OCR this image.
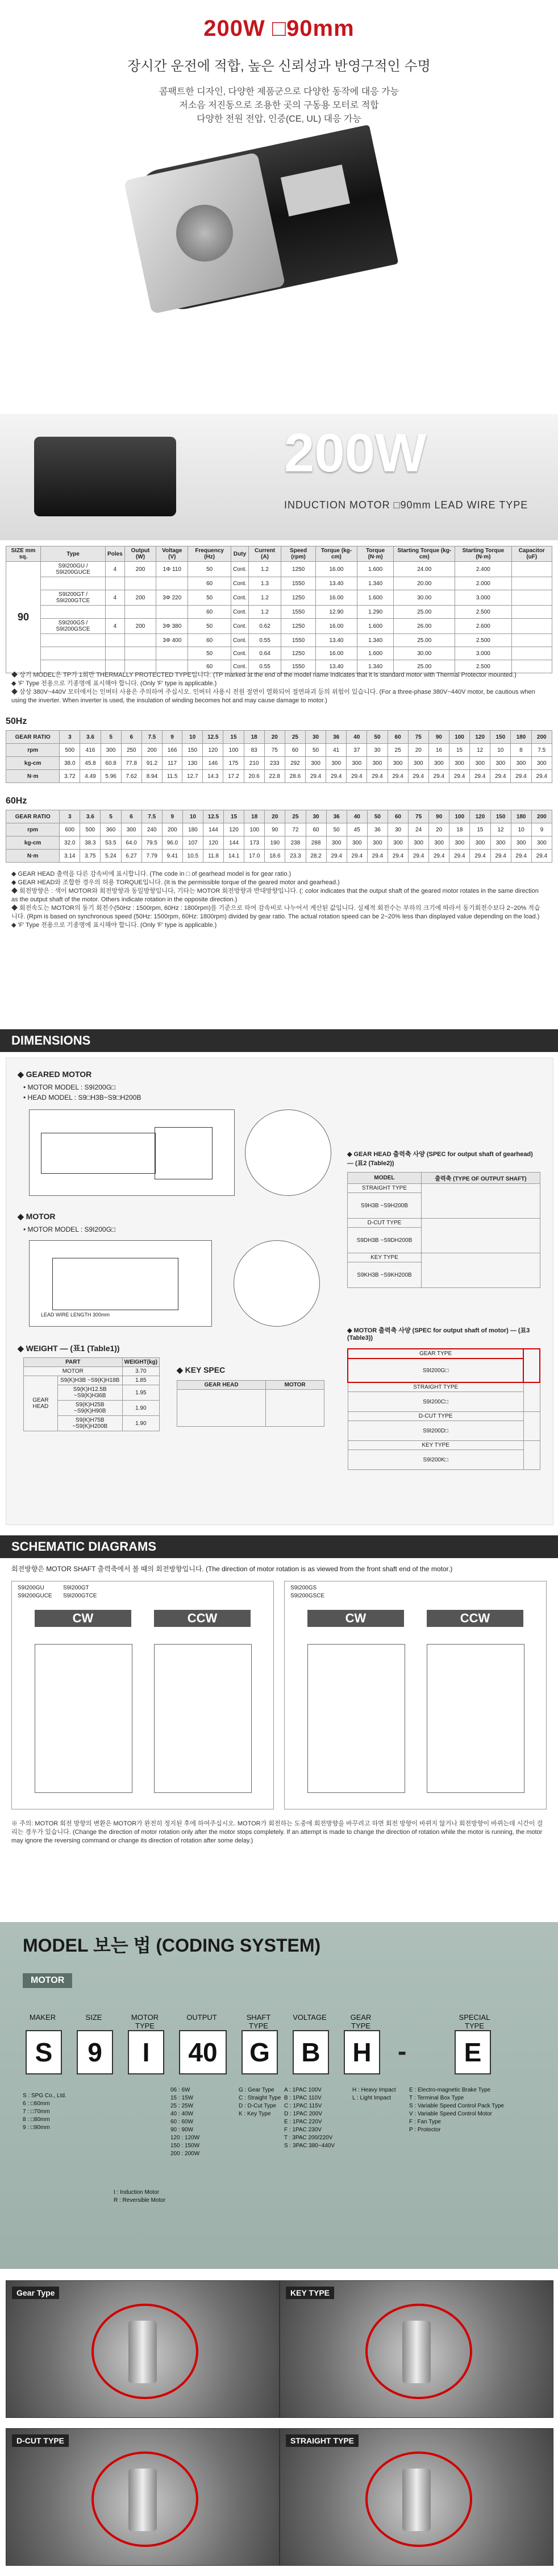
200W □90mm
장시간 운전에 적합, 높은 신뢰성과 반영구적인 수명
콤팩트한 디자인, 다양한 제품군으로 다양한 동작에 대응 가능
저소음 저진동으로 조용한 곳의 구동용 모터로 적합
다양한 전원 전압, 인증(CE, UL) 대응 가능
200W
INDUCTION MOTOR □90mm LEAD WIRE TYPE
SIZE mm sq.	Type	Poles	Output (W)	Voltage (V)	Frequency (Hz)	Duty	Current (A)	Speed (rpm)	Torque (kg-cm)	Torque (N·m)	Starting Torque (kg-cm)	Starting Torque (N·m)	Capacitor (uF)
90	S9I200GU / S9I200GUCE	4	200	1Φ 110	50	Cont.	1.2	1250	16.00	1.600	24.00	2.400	
					60	Cont.	1.3	1550	13.40	1.340	20.00	2.000	
	S9I200GT / S9I200GTCE	4	200	3Φ 220	50	Cont.	1.2	1250	16.00	1.600	30.00	3.000	
					60	Cont.	1.2	1550	12.90	1.290	25.00	2.500	
	S9I200GS / S9I200GSCE	4	200	3Φ 380	50	Cont.	0.62	1250	16.00	1.600	26.00	2.600	
				3Φ 400	60	Cont.	0.55	1550	13.40	1.340	25.00	2.500	
					50	Cont.	0.64	1250	16.00	1.600	30.00	3.000	
					60	Cont.	0.55	1550	13.40	1.340	25.00	2.500	
◆ 상기 MODEL은 TP가 1회만 THERMALLY PROTECTED TYPE입니다. (TP marked at the end of the model name indicates that it is standard motor with Thermal Protector mounted.)
◆ 'F' Type 전용으로 기종명에 표시해야 합니다. (Only 'F' type is applicable.)
◆ 삼상 380V~440V 모터에서는 인버터 사용은 주의하여 주십시오. 인버터 사용시 전원 절연이 열화되어 절연파괴 등의 위험이 있습니다. (For a three-phase 380V~440V motor, be cautious when using the inverter. When inverter is used, the insulation of winding becomes hot and may cause damage to motor.)
50Hz
GEAR RATIO	3	3.6	5	6	7.5	9	10	12.5	15	18	20	25	30	36	40	50	60	75	90	100	120	150	180	200
rpm	500	416	300	250	200	166	150	120	100	83	75	60	50	41	37	30	25	20	16	15	12	10	8	7.5
kg-cm	38.0	45.8	60.8	77.8	91.2	117	130	146	175	210	233	292	300	300	300	300	300	300	300	300	300	300	300	300
N·m	3.72	4.49	5.96	7.62	8.94	11.5	12.7	14.3	17.2	20.6	22.8	28.6	29.4	29.4	29.4	29.4	29.4	29.4	29.4	29.4	29.4	29.4	29.4	29.4
60Hz
GEAR RATIO	3	3.6	5	6	7.5	9	10	12.5	15	18	20	25	30	36	40	50	60	75	90	100	120	150	180	200
rpm	600	500	360	300	240	200	180	144	120	100	90	72	60	50	45	36	30	24	20	18	15	12	10	9
kg-cm	32.0	38.3	53.5	64.0	79.5	96.0	107	120	144	173	190	238	288	300	300	300	300	300	300	300	300	300	300	300
N·m	3.14	3.75	5.24	6.27	7.79	9.41	10.5	11.8	14.1	17.0	18.6	23.3	28.2	29.4	29.4	29.4	29.4	29.4	29.4	29.4	29.4	29.4	29.4	29.4
◆ GEAR HEAD 출력을 다른 감속비에 표시합니다. (The code in □ of gearhead model is for gear ratio.)
◆ GEAR HEAD와 조합한 경우의 허용 TORQUE입니다. (It is the permissible torque of the geared motor and gearhead.)
◆ 회전방향은 : 색이 MOTOR와 회전방향과 동일방향입니다, 기타는 MOTOR 회전방향과 반대방향입니다. (: color indicates that the output shaft of the geared motor rotates in the same direction as the output shaft of the motor. Others indicate rotation in the opposite direction.)
◆ 회전속도는 MOTOR의 동기 회전수(50Hz : 1500rpm, 60Hz : 1800rpm)를 기준으로 하여 감속비로 나누어서 계산된 값입니다. 실제적 회전수는 부하의 크기에 따라서 동기회전수보다 2~20% 적습니다. (Rpm is based on synchronous speed (50Hz: 1500rpm, 60Hz: 1800rpm) divided by gear ratio. The actual rotation speed can be 2~20% less than displayed value depending on the load.)
◆ 'F' Type 전용으로 기종명에 표시해야 합니다. (Only 'F' type is applicable.)
DIMENSIONS
◆ GEARED MOTOR
• MOTOR MODEL : S9I200G□
• HEAD MODEL : S9□H3B~S9□H200B
◆ MOTOR
• MOTOR MODEL : S9I200G□
LEAD WIRE LENGTH 300mm
◆ GEAR HEAD 출력축 사양 (SPEC for output shaft of gearhead) — (표2 (Table2))
MODEL	출력축 (TYPE OF OUTPUT SHAFT)
STRAIGHT TYPE	
S9H3B ~S9H200B	
D-CUT TYPE	
S9DH3B ~S9DH200B	
KEY TYPE	
S9KH3B ~S9KH200B	
◆ MOTOR 출력축 사양 (SPEC for output shaft of motor) — (표3 (Table3))
GEAR TYPE	
S9I200G□	
STRAIGHT TYPE	
S9I200C□	
D-CUT TYPE	
S9I200D□	
KEY TYPE	
S9I200K□	
◆ WEIGHT — (표1 (Table1))
PART		WEIGHT(kg)
MOTOR		3.70
GEAR HEAD	S9(K)H3B ~S9(K)H18B	1.85
	S9(K)H12.5B ~S9(K)H36B	1.95
	S9(K)H25B ~S9(K)H90B	1.90
	S9(K)H75B ~S9(K)H200B	1.90
◆ KEY SPEC
GEAR HEAD	MOTOR

SCHEMATIC DIAGRAMS
회전방향은 MOTOR SHAFT 출력축에서 볼 때의 회전방향입니다. (The direction of motor rotation is as viewed from the front shaft end of the motor.)
S9I200GU	S9I200GT
S9I200GUCE S9I200GTCE
CW	CCW
S9I200GS
S9I200GSCE
CW	CCW
※ 주의: MOTOR 회전 방향의 변환은 MOTOR가 완전히 정지된 후에 하여주십시오. MOTOR가 회전하는 도중에 회전방향을 바꾸려고 하면 회전 방향이 바뀌지 않거나 회전방향이 바뀌는데 시간이 걸리는 경우가 있습니다. (Change the direction of motor rotation only after the motor stops completely. If an attempt is made to change the direction of rotation while the motor is running, the motor may ignore the reversing command or change its direction of rotation after some delay.)
MODEL 보는 법 (CODING SYSTEM)
MOTOR
MAKER	SIZE	MOTOR TYPE
OUTPUT	SHAFT TYPE
VOLTAGE	GEAR TYPE
SPECIAL TYPE
S	9	I	40	G	B	H	-	E
S : SPG Co., Ltd.
6 : □60mm
7 : □70mm
8 : □80mm
9 : □90mm
I : Induction Motor
R : Reversible Motor
06 : 6W
15 : 15W
25 : 25W
40 : 40W
60 : 60W
90 : 90W
120 : 120W
150 : 150W
200 : 200W
G : Gear Type
C : Straight Type
D : D-Cut Type
K : Key Type
A : 1PAC 100V
B : 1PAC 110V
C : 1PAC 115V
D : 1PAC 200V
E : 1PAC 220V
F : 1PAC 230V
T : 3PAC 200/220V
S : 3PAC 380~440V
H : Heavy Impact
L : Light Impact
E : Electro-magnetic Brake Type
T : Terminal Box Type
S : Variable Speed Control Pack Type
V : Variable Speed Control Motor
F : Fan Type
P : Protector
Gear Type	KEY TYPE
D-CUT TYPE	STRAIGHT TYPE
